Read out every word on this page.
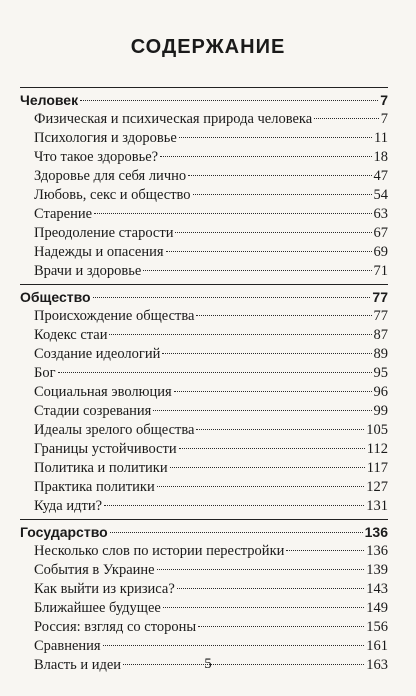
СОДЕРЖАНИЕ
Человек	7
Физическая и психическая природа человека	7
Психология и здоровье	11
Что такое здоровье?	18
Здоровье для себя лично	47
Любовь, секс и общество	54
Старение	63
Преодоление старости	67
Надежды и опасения	69
Врачи и здоровье	71
Общество	77
Происхождение общества	77
Кодекс стаи	87
Создание идеологий	89
Бог	95
Социальная эволюция	96
Стадии созревания	99
Идеалы зрелого общества	105
Границы устойчивости	112
Политика и политики	117
Практика политики	127
Куда идти?	131
Государство	136
Несколько слов по истории перестройки	136
События в Украине	139
Как выйти из кризиса?	143
Ближайшее будущее	149
Россия: взгляд со стороны	156
Сравнения	161
Власть и идеи	163
5
